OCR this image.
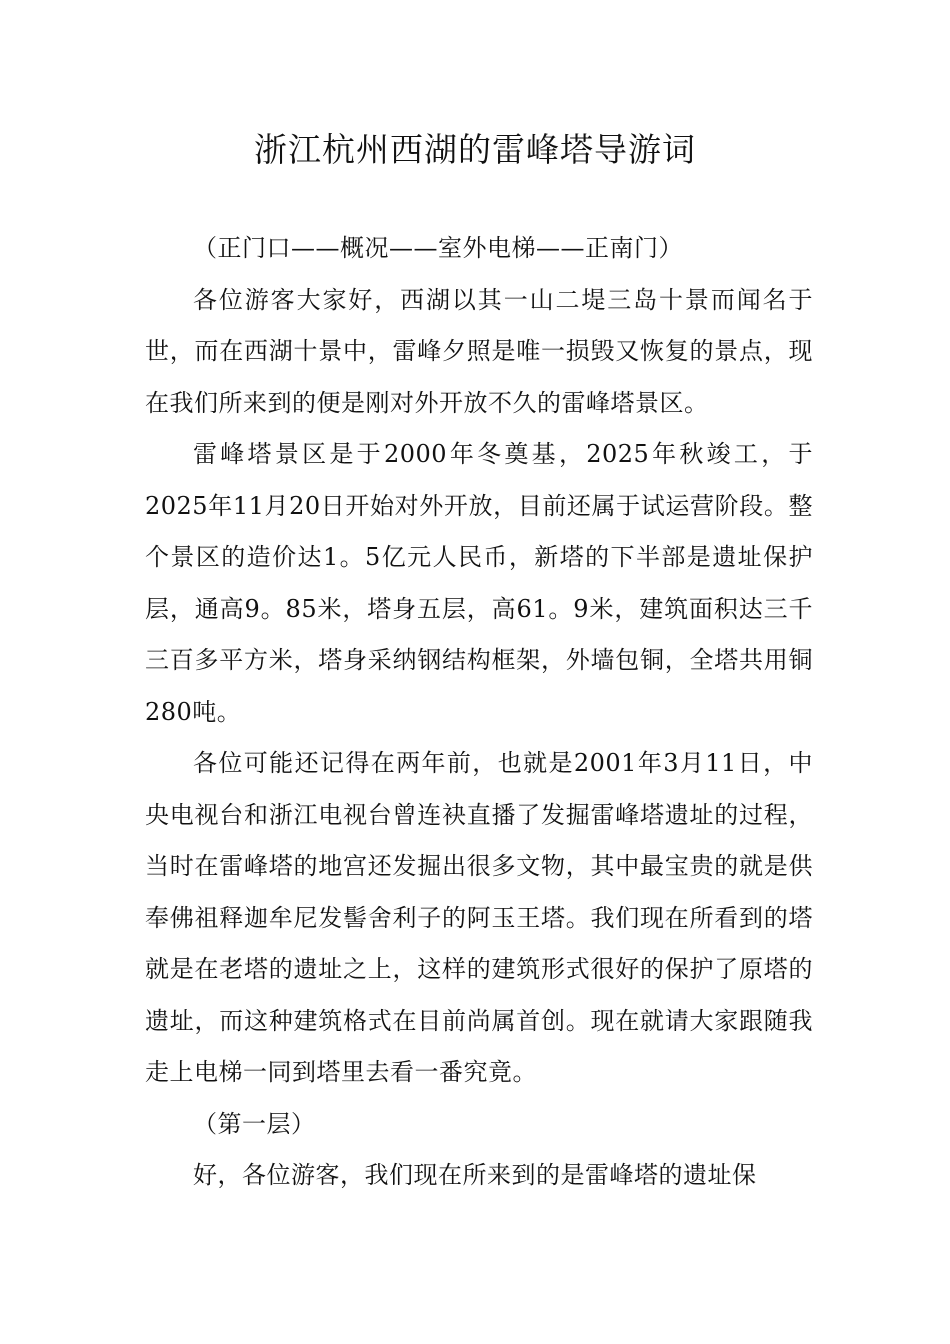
浙江杭州西湖的雷峰塔导游词

（正门口——概况——室外电梯——正南门）

各位游客大家好，西湖以其一山二堤三岛十景而闻名于世，而在西湖十景中，雷峰夕照是唯一损毁又恢复的景点，现在我们所来到的便是刚对外开放不久的雷峰塔景区。

雷峰塔景区是于2000年冬奠基，2025年秋竣工，于2025年11月20日开始对外开放，目前还属于试运营阶段。整个景区的造价达1。5亿元人民币，新塔的下半部是遗址保护层，通高9。85米，塔身五层，高61。9米，建筑面积达三千三百多平方米，塔身采纳钢结构框架，外墙包铜，全塔共用铜280吨。

各位可能还记得在两年前，也就是2001年3月11日，中央电视台和浙江电视台曾连袂直播了发掘雷峰塔遗址的过程，当时在雷峰塔的地宫还发掘出很多文物，其中最宝贵的就是供奉佛祖释迦牟尼发髻舍利子的阿玉王塔。我们现在所看到的塔就是在老塔的遗址之上，这样的建筑形式很好的保护了原塔的遗址，而这种建筑格式在目前尚属首创。现在就请大家跟随我走上电梯一同到塔里去看一番究竟。

（第一层）

好，各位游客，我们现在所来到的是雷峰塔的遗址保
